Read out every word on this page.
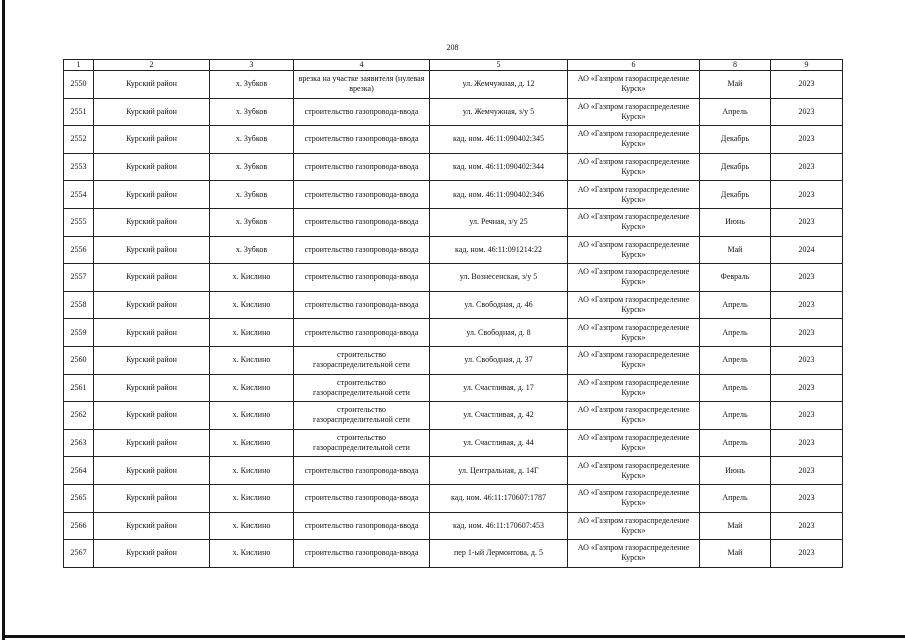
208
1	2	3	4	5	6	8	9
2550	Курский район	х. Зубков	врезка на участке заявителя (нулевая врезка)	ул. Жемчужная, д. 12	АО «Газпром газораспределение Курск»	Май	2023
2551	Курский район	х. Зубков	строительство газопровода-ввода	ул. Жемчужная, з/у 5	АО «Газпром газораспределение Курск»	Апрель	2023
2552	Курский район	х. Зубков	строительство газопровода-ввода	кад. ном. 46:11:090402:345	АО «Газпром газораспределение Курск»	Декабрь	2023
2553	Курский район	х. Зубков	строительство газопровода-ввода	кад. ном. 46:11:090402:344	АО «Газпром газораспределение Курск»	Декабрь	2023
2554	Курский район	х. Зубков	строительство газопровода-ввода	кад. ном. 46:11:090402:346	АО «Газпром газораспределение Курск»	Декабрь	2023
2555	Курский район	х. Зубков	строительство газопровода-ввода	ул. Речная, з/у 25	АО «Газпром газораспределение Курск»	Июнь	2023
2556	Курский район	х. Зубков	строительство газопровода-ввода	кад. ном. 46:11:091214:22	АО «Газпром газораспределение Курск»	Май	2024
2557	Курский район	х. Кислино	строительство газопровода-ввода	ул. Вознесенская, з/у 5	АО «Газпром газораспределение Курск»	Февраль	2023
2558	Курский район	х. Кислино	строительство газопровода-ввода	ул. Свободная, д. 46	АО «Газпром газораспределение Курск»	Апрель	2023
2559	Курский район	х. Кислино	строительство газопровода-ввода	ул. Свободная, д. 8	АО «Газпром газораспределение Курск»	Апрель	2023
2560	Курский район	х. Кислино	строительство газораспределительной сети	ул. Свободная, д. 37	АО «Газпром газораспределение Курск»	Апрель	2023
2561	Курский район	х. Кислино	строительство газораспределительной сети	ул. Счастливая, д. 17	АО «Газпром газораспределение Курск»	Апрель	2023
2562	Курский район	х. Кислино	строительство газораспределительной сети	ул. Счастливая, д. 42	АО «Газпром газораспределение Курск»	Апрель	2023
2563	Курский район	х. Кислино	строительство газораспределительной сети	ул. Счастливая, д. 44	АО «Газпром газораспределение Курск»	Апрель	2023
2564	Курский район	х. Кислино	строительство газопровода-ввода	ул. Центральная, д. 14Г	АО «Газпром газораспределение Курск»	Июнь	2023
2565	Курский район	х. Кислино	строительство газопровода-ввода	кад. ном. 46:11:170607:1787	АО «Газпром газораспределение Курск»	Апрель	2023
2566	Курский район	х. Кислино	строительство газопровода-ввода	кад. ном. 46:11:170607:453	АО «Газпром газораспределение Курск»	Май	2023
2567	Курский район	х. Кислино	строительство газопровода-ввода	пер 1-ый Лермонтова, д. 5	АО «Газпром газораспределение Курск»	Май	2023
